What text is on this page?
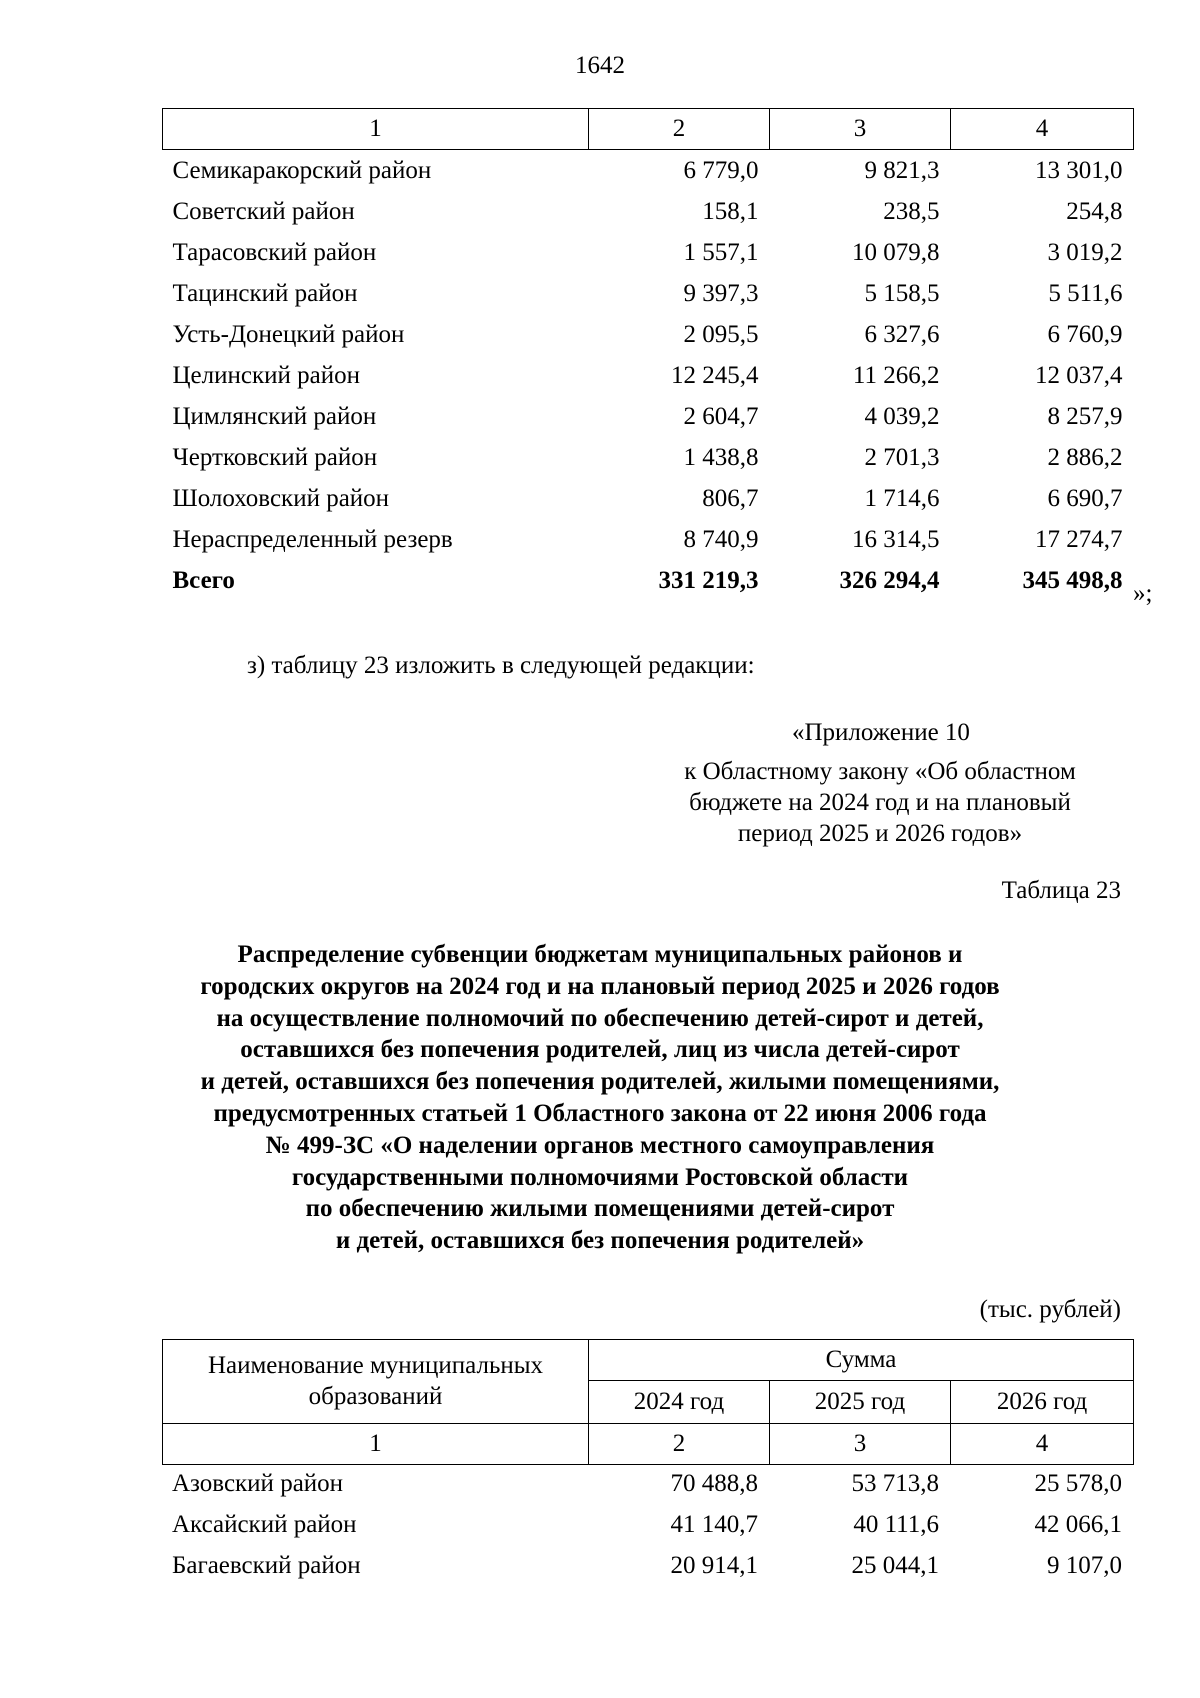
1642
1	2	3	4
Семикаракорский район	6 779,0	9 821,3	13 301,0
Советский район	158,1	238,5	254,8
Тарасовский район	1 557,1	10 079,8	3 019,2
Тацинский район	9 397,3	5 158,5	5 511,6
Усть-Донецкий район	2 095,5	6 327,6	6 760,9
Целинский район	12 245,4	11 266,2	12 037,4
Цимлянский район	2 604,7	4 039,2	8 257,9
Чертковский район	1 438,8	2 701,3	2 886,2
Шолоховский район	806,7	1 714,6	6 690,7
Нераспределенный резерв	8 740,9	16 314,5	17 274,7
Всего	331 219,3	326 294,4	345 498,8 »;
з) таблицу 23 изложить в следующей редакции:
«Приложение 10
к Областному закону «Об областном
бюджете на 2024 год и на плановый
период 2025 и 2026 годов»
Таблица 23
Распределение субвенции бюджетам муниципальных районов и
городских округов на 2024 год и на плановый период 2025 и 2026 годов
на осуществление полномочий по обеспечению детей-сирот и детей,
оставшихся без попечения родителей, лиц из числа детей-сирот
и детей, оставшихся без попечения родителей, жилыми помещениями,
предусмотренных статьей 1 Областного закона от 22 июня 2006 года
№ 499-ЗС «О наделении органов местного самоуправления
государственными полномочиями Ростовской области
по обеспечению жилыми помещениями детей-сирот
и детей, оставшихся без попечения родителей»
(тыс. рублей)
Наименование муниципальных
образований	Сумма		
	2024 год	2025 год	2026 год
1	2	3	4
Азовский район	70 488,8	53 713,8	25 578,0
Аксайский район	41 140,7	40 111,6	42 066,1
Багаевский район	20 914,1	25 044,1	9 107,0
